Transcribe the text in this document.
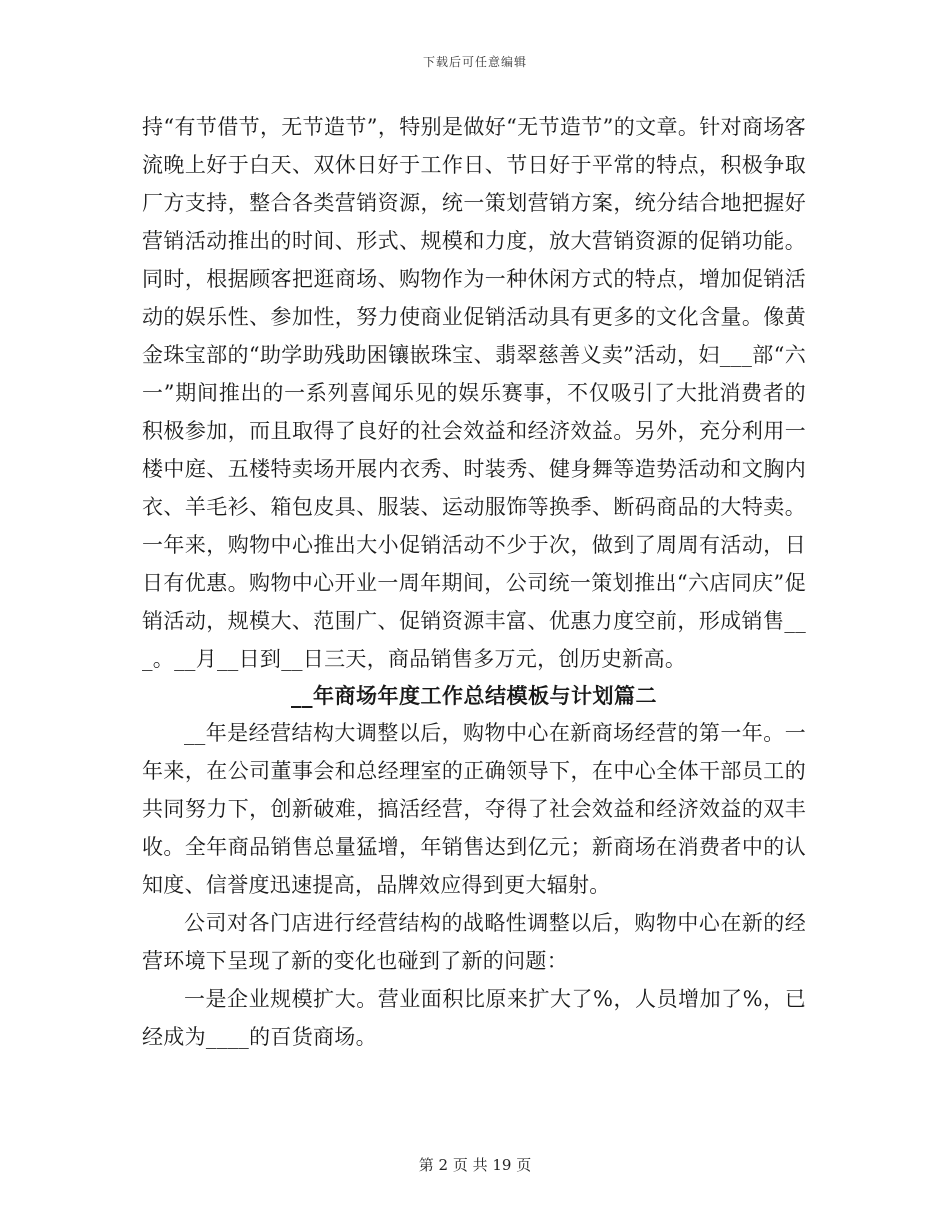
下载后可任意编辑

持“有节借节，无节造节”，特别是做好“无节造节”的文章。针对商场客流晚上好于白天、双休日好于工作日、节日好于平常的特点，积极争取厂方支持，整合各类营销资源，统一策划营销方案，统分结合地把握好营销活动推出的时间、形式、规模和力度，放大营销资源的促销功能。同时，根据顾客把逛商场、购物作为一种休闲方式的特点，增加促销活动的娱乐性、参加性，努力使商业促销活动具有更多的文化含量。像黄金珠宝部的“助学助残助困镶嵌珠宝、翡翠慈善义卖”活动，妇___部“六一”期间推出的一系列喜闻乐见的娱乐赛事，不仅吸引了大批消费者的积极参加，而且取得了良好的社会效益和经济效益。另外，充分利用一楼中庭、五楼特卖场开展内衣秀、时装秀、健身舞等造势活动和文胸内衣、羊毛衫、箱包皮具、服装、运动服饰等换季、断码商品的大特卖。一年来，购物中心推出大小促销活动不少于次，做到了周周有活动，日日有优惠。购物中心开业一周年期间，公司统一策划推出“六店同庆”促销活动，规模大、范围广、促销资源丰富、优惠力度空前，形成销售___。__月__日到__日三天，商品销售多万元，创历史新高。

__年商场年度工作总结模板与计划篇二

__年是经营结构大调整以后，购物中心在新商场经营的第一年。一年来，在公司董事会和总经理室的正确领导下，在中心全体干部员工的共同努力下，创新破难，搞活经营，夺得了社会效益和经济效益的双丰收。全年商品销售总量猛增，年销售达到亿元；新商场在消费者中的认知度、信誉度迅速提高，品牌效应得到更大辐射。

公司对各门店进行经营结构的战略性调整以后，购物中心在新的经营环境下呈现了新的变化也碰到了新的问题：

一是企业规模扩大。营业面积比原来扩大了%，人员增加了%，已经成为____的百货商场。

第 2 页 共 19 页
